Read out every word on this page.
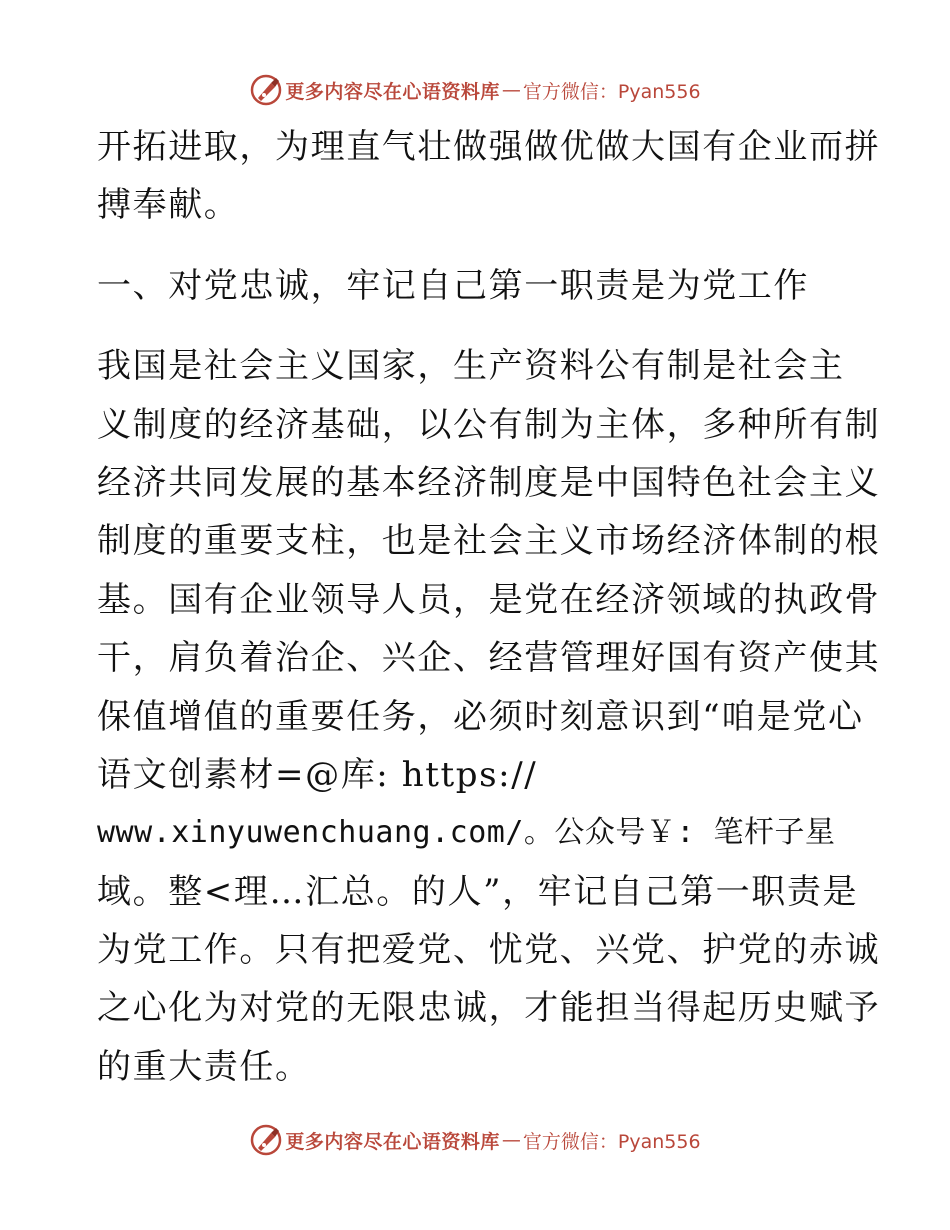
更多内容尽在心语资料库 — 官方微信：Pyan556
开拓进取，为理直气壮做强做优做大国有企业而拼
搏奉献。
一、对党忠诚，牢记自己第一职责是为党工作
我国是社会主义国家，生产资料公有制是社会主
义制度的经济基础，以公有制为主体，多种所有制
经济共同发展的基本经济制度是中国特色社会主义
制度的重要支柱，也是社会主义市场经济体制的根
基。国有企业领导人员，是党在经济领域的执政骨
干，肩负着治企、兴企、经营管理好国有资产使其
保值增值的重要任务，必须时刻意识到“咱是党心
语文创素材=@库: https://
www.xinyuwenchuang.com/。公众号￥: 笔杆子星
域。整<理…汇总。的人”，牢记自己第一职责是
为党工作。只有把爱党、忧党、兴党、护党的赤诚
之心化为对党的无限忠诚，才能担当得起历史赋予
的重大责任。
更多内容尽在心语资料库 — 官方微信：Pyan556
